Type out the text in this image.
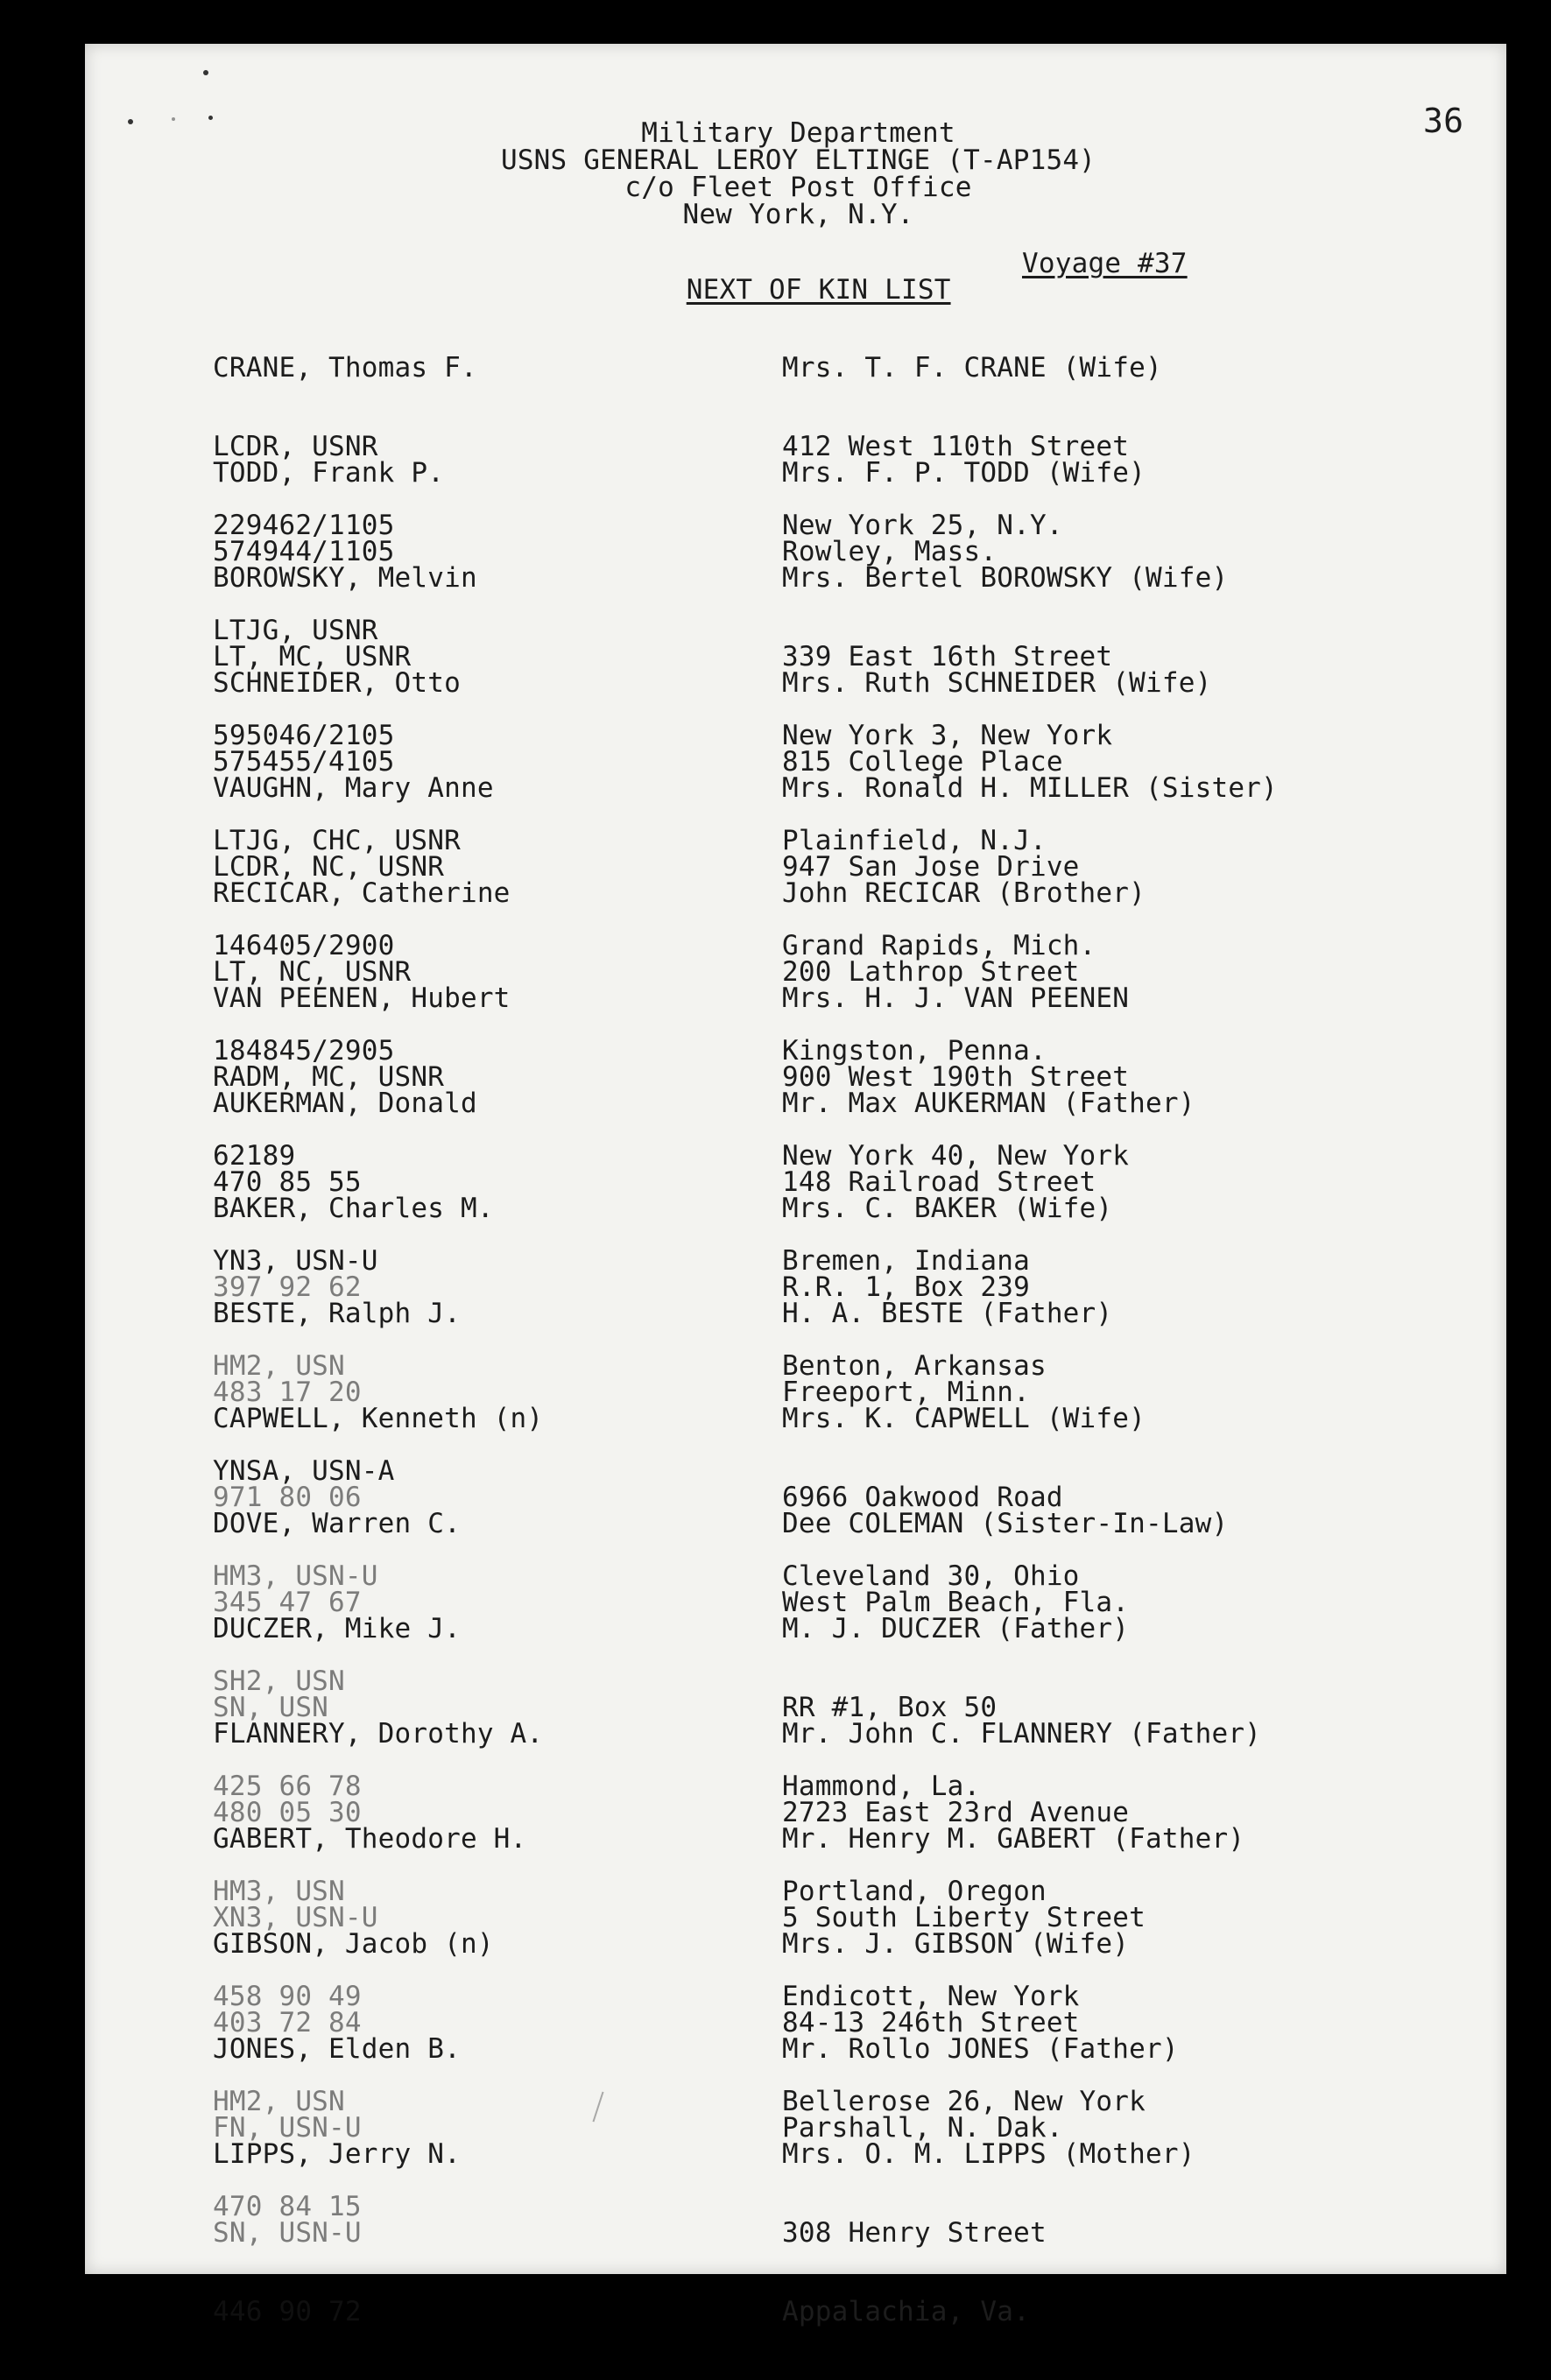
36
Military Department
USNS GENERAL LEROY ELTINGE (T-AP154)
c/o Fleet Post Office
New York, N.Y.

NEXT OF KIN LIST

Voyage #37

CRANE, Thomas F.

LCDR, USNR

229462/1105

Mrs. T. F. CRANE (Wife)

412 West 110th Street

New York 25, N.Y.

TODD, Frank P.

574944/1105

LTJG, USNR

Mrs. F. P. TODD (Wife)

Rowley, Mass.

BOROWSKY, Melvin

LT, MC, USNR

595046/2105

Mrs. Bertel BOROWSKY (Wife)

339 East 16th Street

New York 3, New York

SCHNEIDER, Otto

575455/4105

LTJG, CHC, USNR

Mrs. Ruth SCHNEIDER (Wife)

815 College Place

Plainfield, N.J.

VAUGHN, Mary Anne

LCDR, NC, USNR

146405/2900

Mrs. Ronald H. MILLER (Sister)

947 San Jose Drive

Grand Rapids, Mich.

RECICAR, Catherine

LT, NC, USNR

184845/2905

John RECICAR (Brother)

200 Lathrop Street

Kingston, Penna.

VAN PEENEN, Hubert

RADM, MC, USNR

62189

Mrs. H. J. VAN PEENEN

900 West 190th Street

New York 40, New York

AUKERMAN, Donald

470 85 55

YN3, USN-U

Mr. Max AUKERMAN (Father)

148 Railroad Street

Bremen, Indiana

BAKER, Charles M.

397 92 62

HM2, USN

Mrs. C. BAKER (Wife)

R.R. 1, Box 239

Benton, Arkansas

BESTE, Ralph J.

483 17 20

YNSA, USN-A

H. A. BESTE (Father)

Freeport, Minn.

CAPWELL, Kenneth (n)

971 80 06

HM3, USN-U

Mrs. K. CAPWELL (Wife)

6966 Oakwood Road

Cleveland 30, Ohio

DOVE, Warren C.

345 47 67

SH2, USN

Dee COLEMAN (Sister-In-Law)

West Palm Beach, Fla.

DUCZER, Mike J.

SN, USN

425 66 78

M. J. DUCZER (Father)

RR #1, Box 50

Hammond, La.

FLANNERY, Dorothy A.

480 05 30

HM3, USN

Mr. John C. FLANNERY (Father)

2723 East 23rd Avenue

Portland, Oregon

GABERT, Theodore H.

XN3, USN-U

458 90 49

Mr. Henry M. GABERT (Father)

5 South Liberty Street

Endicott, New York

GIBSON, Jacob (n)

403 72 84

HM2, USN

Mrs. J. GIBSON (Wife)

84-13 246th Street

Bellerose 26, New York

JONES, Elden B.

FN, USN-U

470 84 15

Mr. Rollo JONES (Father)

Parshall, N. Dak.

LIPPS, Jerry N.

SN, USN-U

446 90 72

Mrs. O. M. LIPPS (Mother)

308 Henry Street

Appalachia, Va.
